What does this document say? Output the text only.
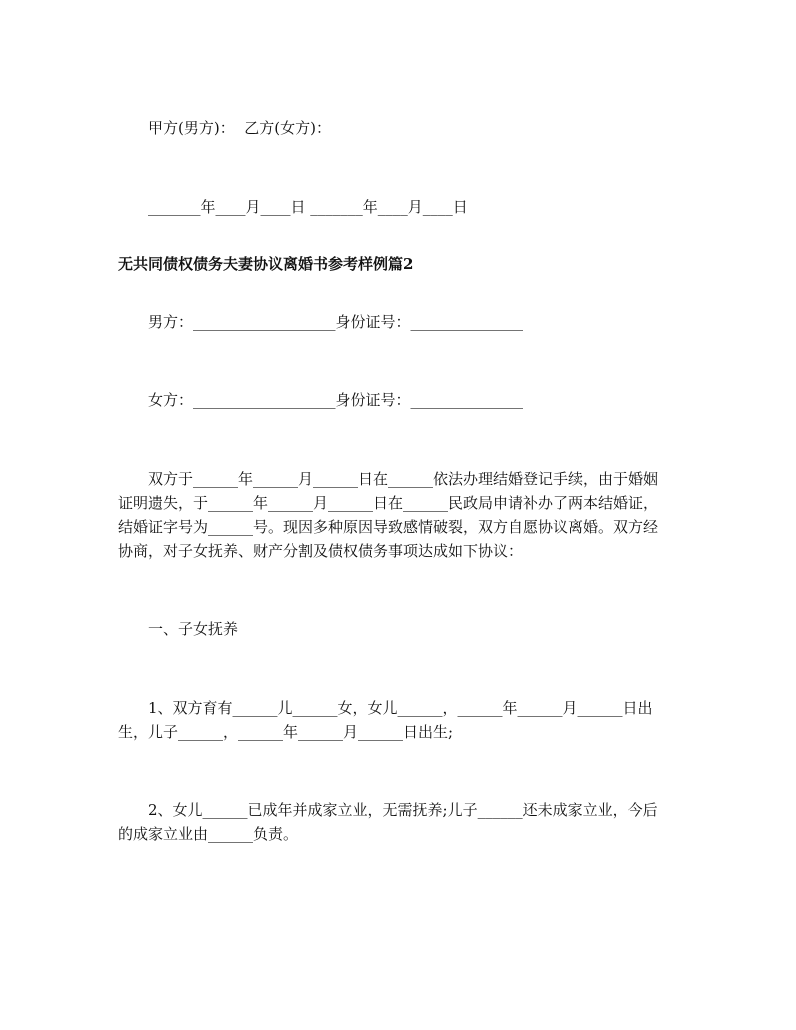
甲方(男方)：  乙方(女方)：
_______年____月____日 _______年____月____日
无共同债权债务夫妻协议离婚书参考样例篇2
男方：___________________身份证号：_______________
女方：___________________身份证号：_______________
双方于______年______月______日在______依法办理结婚登记手续，由于婚姻
证明遗失，于______年______月______日在______民政局申请补办了两本结婚证，
结婚证字号为______号。现因多种原因导致感情破裂，双方自愿协议离婚。双方经
协商，对子女抚养、财产分割及债权债务事项达成如下协议：
一、子女抚养
1、双方育有______儿______女，女儿______，______年______月______日出
生，儿子______，______年______月______日出生;
2、女儿______已成年并成家立业，无需抚养;儿子______还未成家立业，今后
的成家立业由______负责。
